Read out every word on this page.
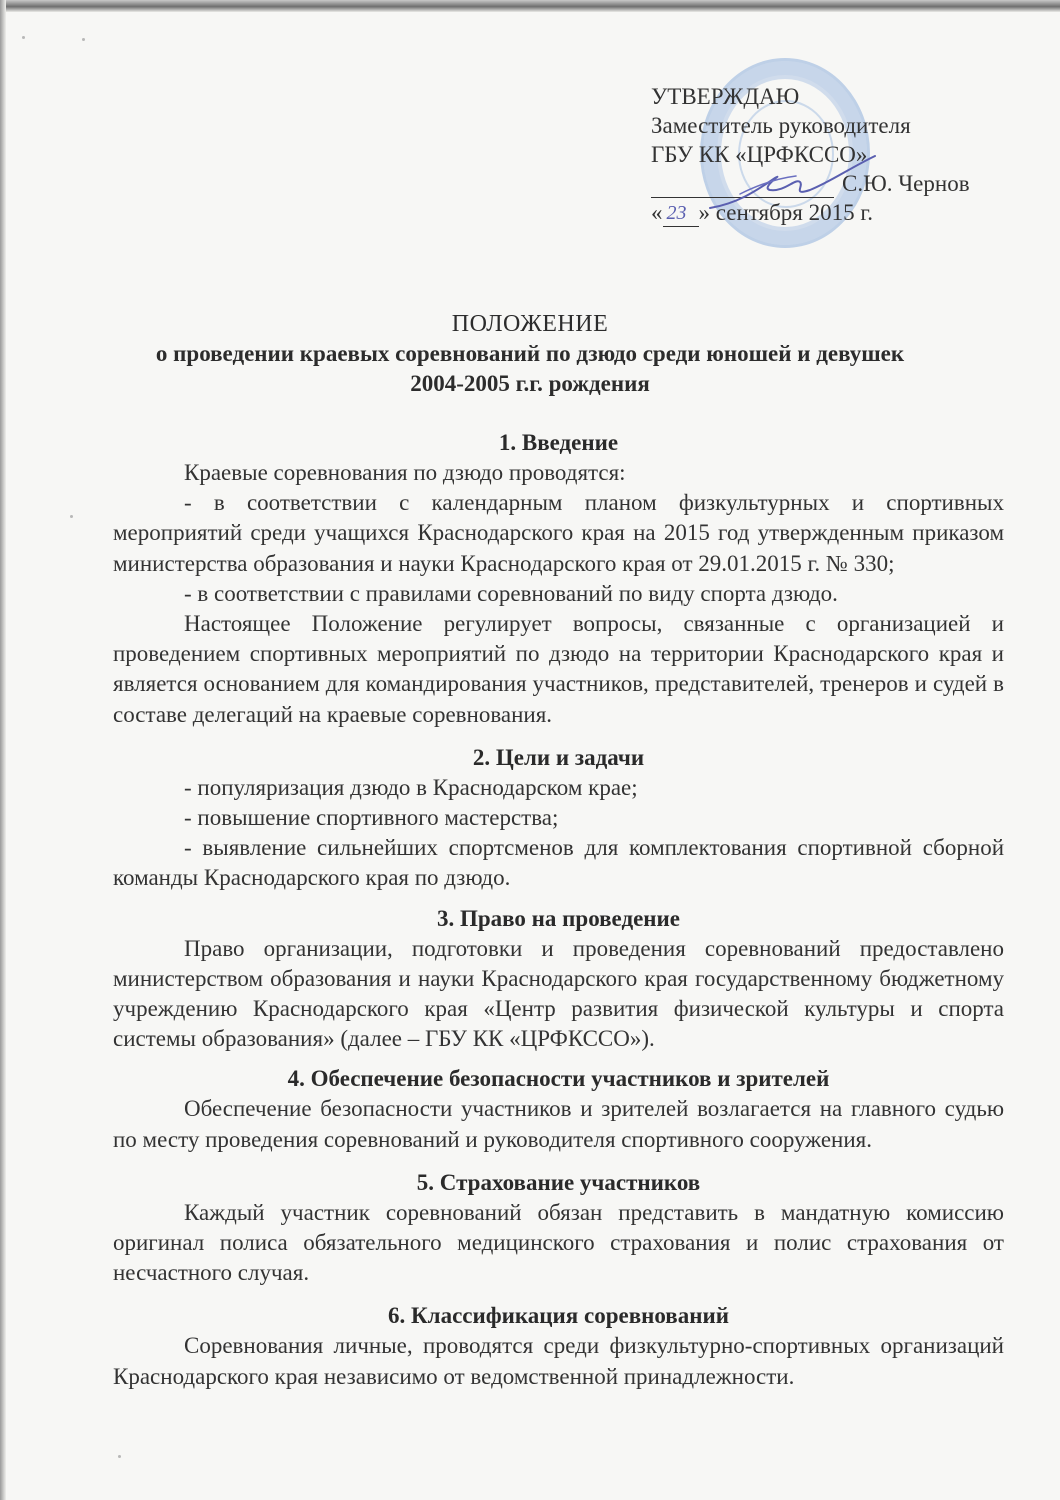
УТВЕРЖДАЮ
Заместитель руководителя
ГБУ КК «ЦРФКССО»
С.Ю. Чернов
« 23 » сентября 2015 г.
ПОЛОЖЕНИЕ
о проведении краевых соревнований по дзюдо среди юношей и девушек
2004-2005 г.г. рождения
1. Введение

Краевые соревнования по дзюдо проводятся:

- в соответствии с календарным планом физкультурных и спортивных мероприятий среди учащихся Краснодарского края на 2015 год утвержденным приказом министерства образования и науки Краснодарского края от 29.01.2015 г. № 330;

- в соответствии с правилами соревнований по виду спорта дзюдо.

Настоящее Положение регулирует вопросы, связанные с организацией и проведением спортивных мероприятий по дзюдо на территории Краснодарского края и является основанием для командирования участников, представителей, тренеров и судей в составе делегаций на краевые соревнования.

2. Цели и задачи

- популяризация дзюдо в Краснодарском крае;

- повышение спортивного мастерства;

- выявление сильнейших спортсменов для комплектования спортивной сборной команды Краснодарского края по дзюдо.

3. Право на проведение

Право организации, подготовки и проведения соревнований предоставлено министерством образования и науки Краснодарского края государственному бюджетному учреждению Краснодарского края «Центр развития физической культуры и спорта системы образования» (далее – ГБУ КК «ЦРФКССО»).

4. Обеспечение безопасности участников и зрителей

Обеспечение безопасности участников и зрителей возлагается на главного судью по месту проведения соревнований и руководителя спортивного сооружения.

5. Страхование участников

Каждый участник соревнований обязан представить в мандатную комиссию оригинал полиса обязательного медицинского страхования и полис страхования от несчастного случая.

6. Классификация соревнований

Соревнования личные, проводятся среди физкультурно-спортивных организаций Краснодарского края независимо от ведомственной принадлежности.
